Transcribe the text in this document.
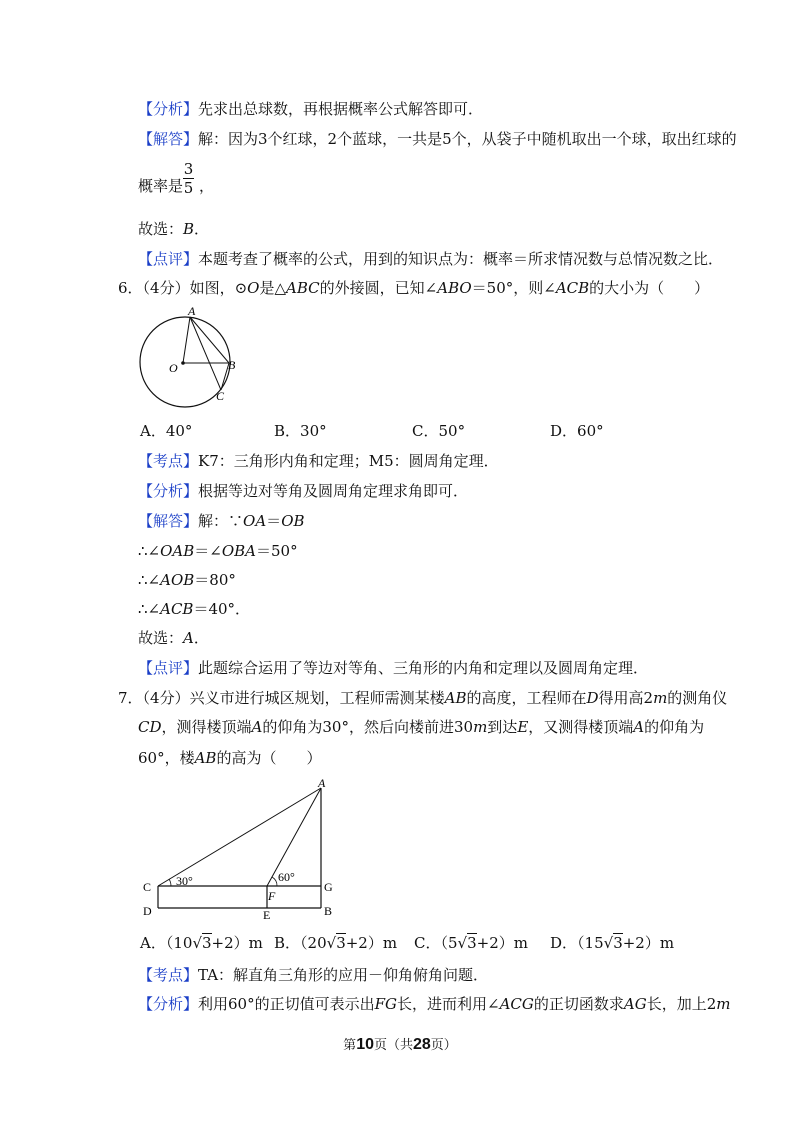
【分析】先求出总球数，再根据概率公式解答即可．
【解答】解：因为3个红球，2个蓝球，一共是5个，从袋子中随机取出一个球，取出红球的
概率是 ，
3
5
故选：B．
【点评】本题考查了概率的公式，用到的知识点为：概率＝所求情况数与总情况数之比．
6．（4分）如图，⊙O是△ABC的外接圆，已知∠ABO＝50°，则∠ACB的大小为（　　）
A
O	B
C
A．40°	B．30°	C．50°	D．60°
【考点】K7：三角形内角和定理；M5：圆周角定理．
【分析】根据等边对等角及圆周角定理求角即可．
【解答】解：∵OA＝OB
∴∠OAB＝∠OBA＝50°
∴∠AOB＝80°
∴∠ACB＝40°．
故选：A．
【点评】此题综合运用了等边对等角、三角形的内角和定理以及圆周角定理．
7．（4分）兴义市进行城区规划，工程师需测某楼AB的高度，工程师在D得用高2m的测角仪
CD，测得楼顶端A的仰角为30°，然后向楼前进30m到达E，又测得楼顶端A的仰角为
60°，楼AB的高为（　　）
A
C
D	E
F
G
B
30°	60°
A．（10√3+2）m B．（20√3+2）m C．（5√3+2）m D．（15√3+2）m
【考点】TA：解直角三角形的应用－仰角俯角问题．
【分析】利用60°的正切值可表示出FG长，进而利用∠ACG的正切函数求AG长，加上2m
第10页（共28页）
